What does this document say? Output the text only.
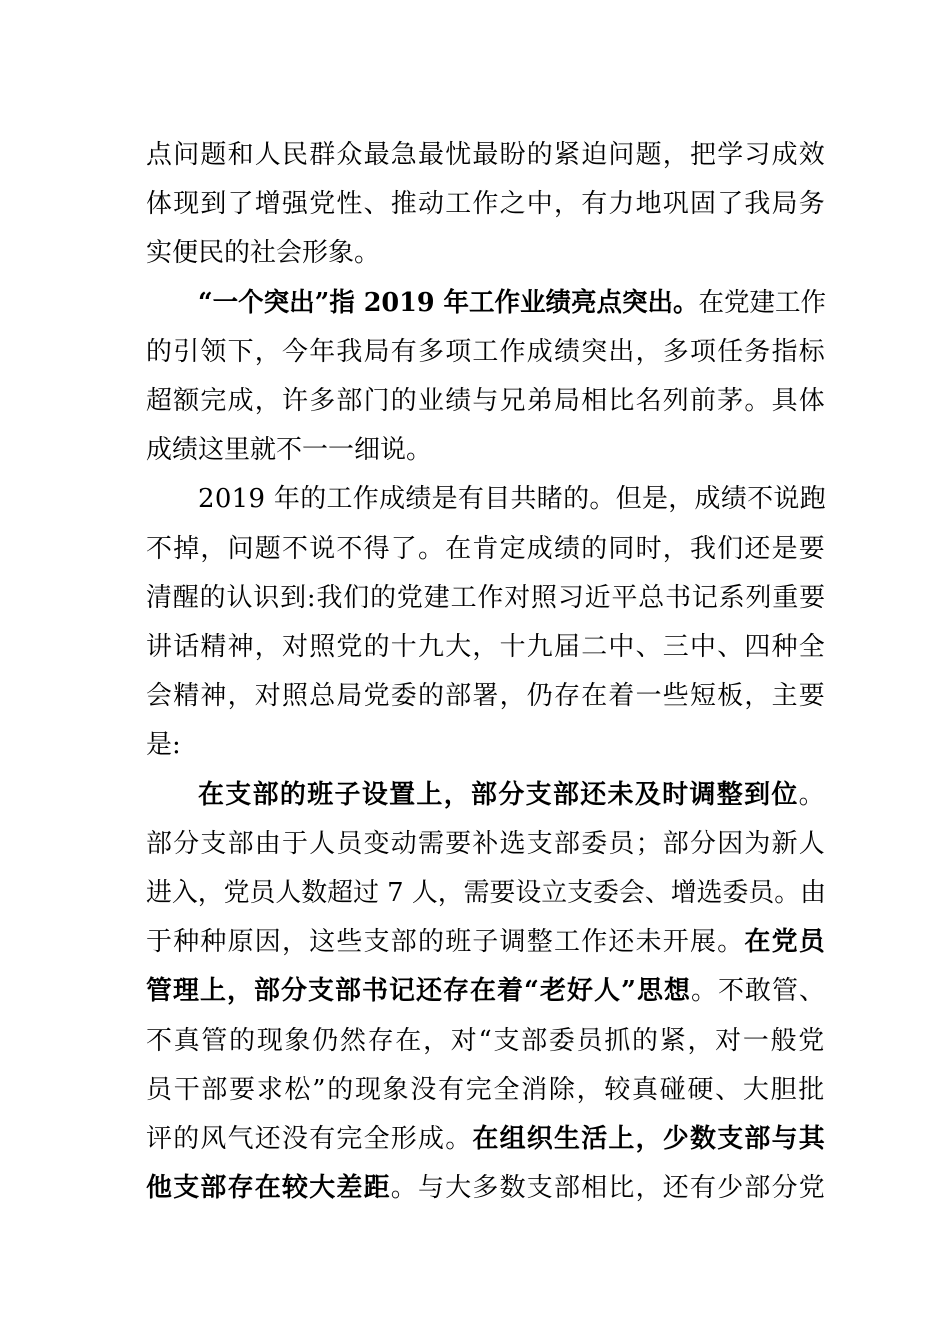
点问题和人民群众最急最忧最盼的紧迫问题，把学习成效
体现到了增强党性、推动工作之中，有力地巩固了我局务
实便民的社会形象。
“一个突出”指 2019 年工作业绩亮点突出。在党建工作
的引领下，今年我局有多项工作成绩突出，多项任务指标
超额完成，许多部门的业绩与兄弟局相比名列前茅。具体
成绩这里就不一一细说。
2019 年的工作成绩是有目共睹的。但是，成绩不说跑
不掉，问题不说不得了。在肯定成绩的同时，我们还是要
清醒的认识到:我们的党建工作对照习近平总书记系列重要
讲话精神，对照党的十九大，十九届二中、三中、四种全
会精神，对照总局党委的部署，仍存在着一些短板，主要
是:
在支部的班子设置上，部分支部还未及时调整到位。
部分支部由于人员变动需要补选支部委员；部分因为新人
进入，党员人数超过 7 人，需要设立支委会、增选委员。由
于种种原因，这些支部的班子调整工作还未开展。在党员
管理上，部分支部书记还存在着“老好人”思想。不敢管、
不真管的现象仍然存在，对“支部委员抓的紧，对一般党
员干部要求松”的现象没有完全消除，较真碰硬、大胆批
评的风气还没有完全形成。在组织生活上，少数支部与其
他支部存在较大差距。与大多数支部相比，还有少部分党
